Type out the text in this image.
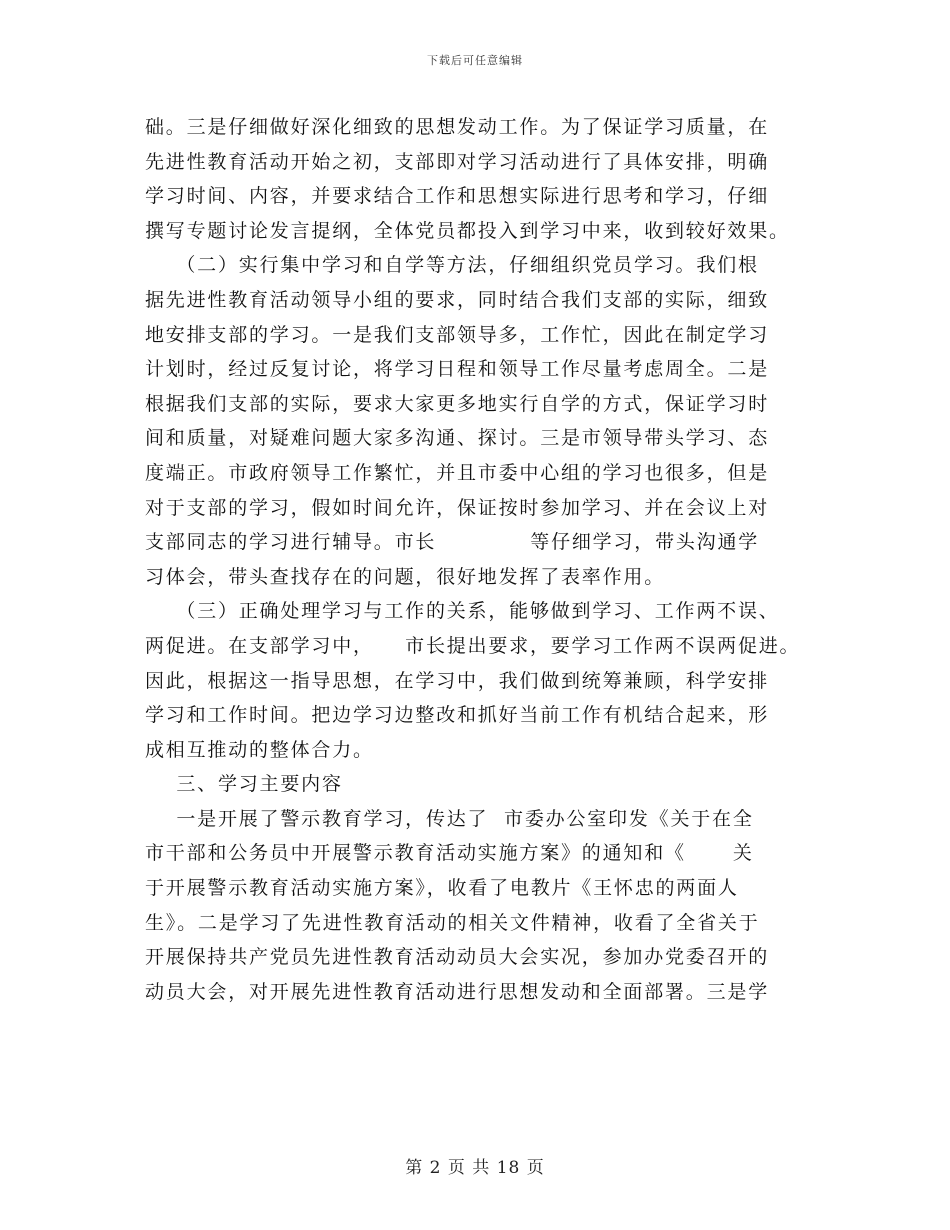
下载后可任意编辑
础。三是仔细做好深化细致的思想发动工作。为了保证学习质量，在
先进性教育活动开始之初，支部即对学习活动进行了具体安排，明确
学习时间、内容，并要求结合工作和思想实际进行思考和学习，仔细
撰写专题讨论发言提纲，全体党员都投入到学习中来，收到较好效果。
（二）实行集中学习和自学等方法，仔细组织党员学习。我们根
据先进性教育活动领导小组的要求，同时结合我们支部的实际，细致
地安排支部的学习。一是我们支部领导多，工作忙，因此在制定学习
计划时，经过反复讨论，将学习日程和领导工作尽量考虑周全。二是
根据我们支部的实际，要求大家更多地实行自学的方式，保证学习时
间和质量，对疑难问题大家多沟通、探讨。三是市领导带头学习、态
度端正。市政府领导工作繁忙，并且市委中心组的学习也很多，但是
对于支部的学习，假如时间允许，保证按时参加学习、并在会议上对
支部同志的学习进行辅导。市长            等仔细学习，带头沟通学
习体会，带头查找存在的问题，很好地发挥了表率作用。
（三）正确处理学习与工作的关系，能够做到学习、工作两不误、
两促进。在支部学习中，    市长提出要求，要学习工作两不误两促进。
因此，根据这一指导思想，在学习中，我们做到统筹兼顾，科学安排
学习和工作时间。把边学习边整改和抓好当前工作有机结合起来，形
成相互推动的整体合力。
三、学习主要内容
一是开展了警示教育学习，传达了  市委办公室印发《关于在全
市干部和公务员中开展警示教育活动实施方案》的通知和《      关
于开展警示教育活动实施方案》，收看了电教片《王怀忠的两面人
生》。二是学习了先进性教育活动的相关文件精神，收看了全省关于
开展保持共产党员先进性教育活动动员大会实况，参加办党委召开的
动员大会，对开展先进性教育活动进行思想发动和全面部署。三是学
第 2 页 共 18 页
